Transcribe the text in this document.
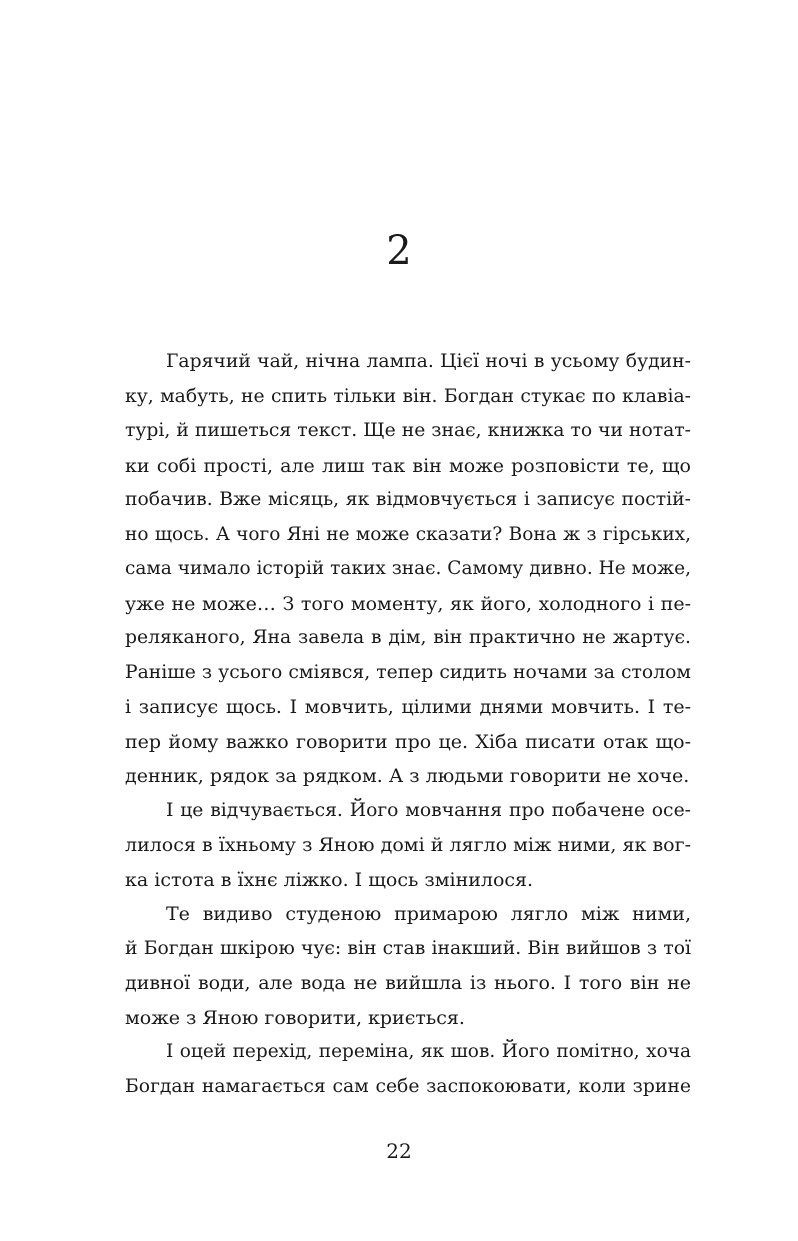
2
Гарячий чай, нічна лампа. Цієї ночі в усьому будин-
ку, мабуть, не спить тільки він. Богдан стукає по клавіа-
турі, й пишеться текст. Ще не знає, книжка то чи нотат-
ки собі прості, але лиш так він може розповісти те, що
побачив. Вже місяць, як відмовчується і записує постій-
но щось. А чого Яні не може сказати? Вона ж з гірських,
сама чимало історій таких знає. Самому дивно. Не може,
уже не може… З того моменту, як його, холодного і пе-
реляканого, Яна завела в дім, він практично не жартує.
Раніше з усього сміявся, тепер сидить ночами за столом
і записує щось. І мовчить, цілими днями мовчить. І те-
пер йому важко говорити про це. Хіба писати отак що-
денник, рядок за рядком. А з людьми говорити не хоче.
І це відчувається. Його мовчання про побачене осе-
лилося в їхньому з Яною домі й лягло між ними, як вог-
ка істота в їхнє ліжко. І щось змінилося.
Те видиво студеною примарою лягло між ними,
й Богдан шкірою чує: він став інакший. Він вийшов з тої
дивної води, але вода не вийшла із нього. І того він не
може з Яною говорити, криється.
І оцей перехід, переміна, як шов. Його помітно, хоча
Богдан намагається сам себе заспокоювати, коли зрине
22
